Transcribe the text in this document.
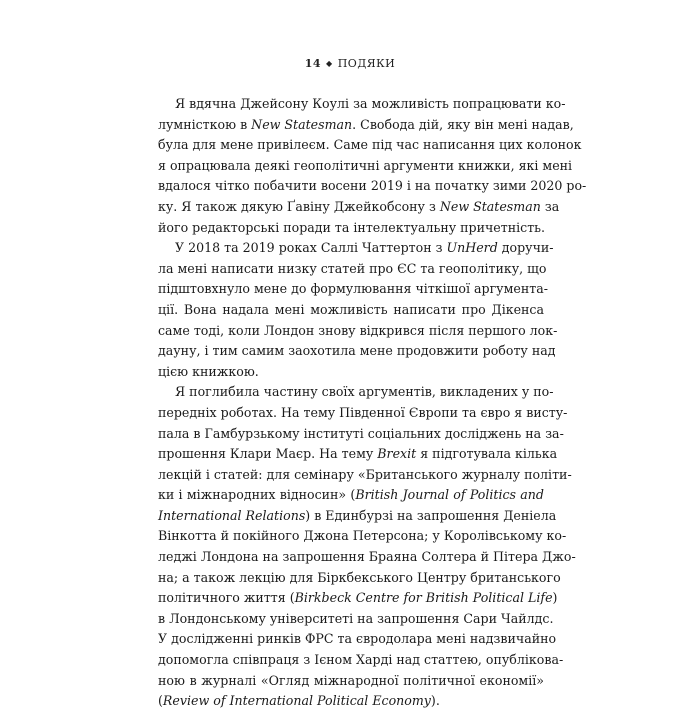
14 ◆ ПОДЯКИ
Я вдячна Джейсону Коулі за можливість попрацювати ко-
лумністкою в New Statesman. Свобода дій, яку він мені надав,
була для мене привілеєм. Саме під час написання цих колонок
я опрацювала деякі геополітичні аргументи книжки, які мені
вдалося чітко побачити восени 2019 і на початку зими 2020 ро-
ку. Я також дякую Ґавіну Джейкобсону з New Statesman за
його редакторські поради та інтелектуальну причетність.
У 2018 та 2019 роках Саллі Чаттертон з UnHerd доручи-
ла мені написати низку статей про ЄС та геополітику, що
підштовхнуло мене до формулювання чіткішої аргумента-
ції. Вона надала мені можливість написати про Дікенса
саме тоді, коли Лондон знову відкрився після першого лок-
дауну, і тим самим заохотила мене продовжити роботу над
цією книжкою.
Я поглибила частину своїх аргументів, викладених у по-
передніх роботах. На тему Південної Європи та євро я висту-
пала в Гамбурзькому інституті соціальних досліджень на за-
прошення Клари Маєр. На тему Brexit я підготувала кілька
лекцій і статей: для семінару «Британського журналу політи-
ки і міжнародних відносин» (British Journal of Politics and
International Relations) в Единбурзі на запрошення Деніела
Вінкотта й покійного Джона Петерсона; у Королівському ко-
леджі Лондона на запрошення Браяна Солтера й Пітера Джо-
на; а також лекцію для Біркбекського Центру британського
політичного життя (Birkbeck Centre for British Political Life)
в Лондонському університеті на запрошення Сари Чайлдс.
У дослідженні ринків ФРС та євродолара мені надзвичайно
допомогла співпраця з Ієном Харді над статтею, опублікова-
ною в журналі «Огляд міжнародної політичної економії»
(Review of International Political Economy).
